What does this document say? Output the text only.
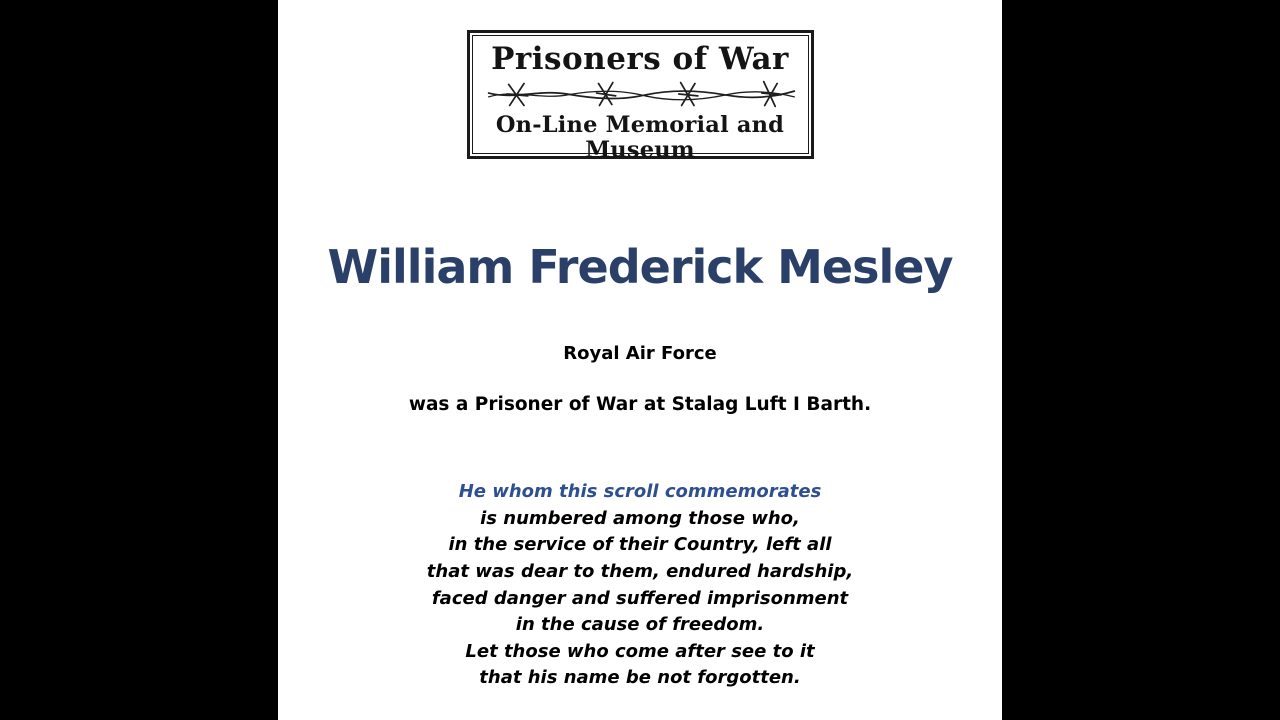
Prisoners of War
On-Line Memorial and Museum
William Frederick Mesley
Royal Air Force
was a Prisoner of War at Stalag Luft I Barth.
He whom this scroll commemorates
is numbered among those who,
in the service of their Country, left all
that was dear to them, endured hardship,
faced danger and suffered imprisonment
in the cause of freedom.
Let those who come after see to it
that his name be not forgotten.
